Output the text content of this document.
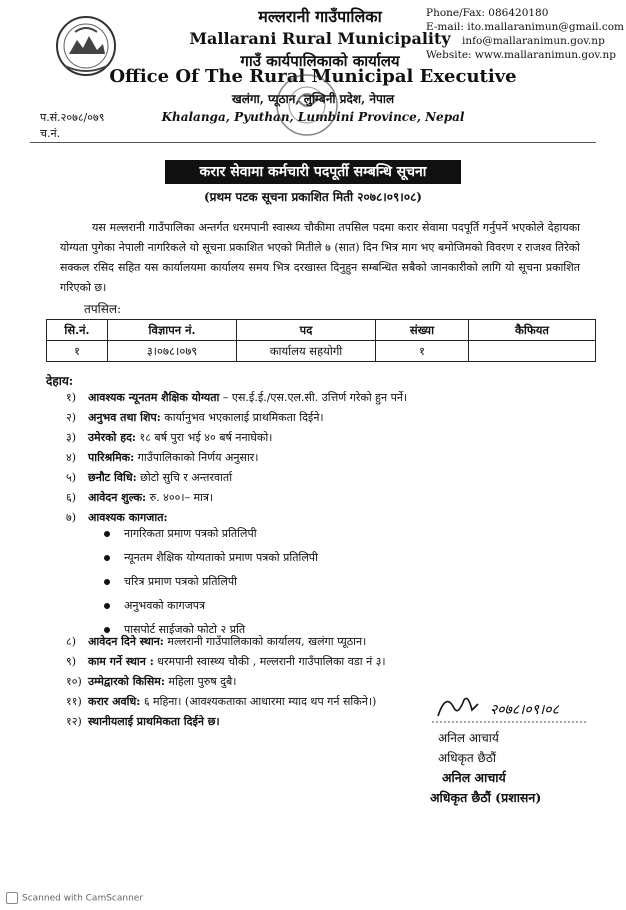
मल्लरानी गाउँपालिका
Mallarani Rural Municipality
गाउँ कार्यपालिकाको कार्यालय
Phone/Fax: 086420180
E-mail: ito.mallaranimun@gmail.com
info@mallaranimun.gov.np
Website: www.mallaranimun.gov.np
Office Of The Rural Municipal Executive
खलंगा, प्यूठान, लुम्बिनी प्रदेश, नेपाल
Khalanga, Pyuthan, Lumbini Province, Nepal
प.सं.२०७८/०७९
च.नं.
करार सेवामा कर्मचारी पदपूर्ती सम्बन्धि सूचना
(प्रथम पटक सूचना प्रकाशित मिती २०७८।०९।०८)
यस मल्लरानी गाउँपालिका अन्तर्गत धरमपानी स्वास्थ्य चौकीमा तपसिल पदमा करार सेवामा पदपूर्ति गर्नुपर्ने भएकोले देहायका योग्यता पुगेका नेपाली नागरिकले यो सूचना प्रकाशित भएको मितीले ७ (सात) दिन भित्र माग भए बमोजिमको विवरण र राजश्व तिरेको सक्कल रसिद सहित यस कार्यालयमा कार्यालय समय भित्र दरखास्त दिनुहुन सम्बन्धित सबैको जानकारीको लागि यो सूचना प्रकाशित गरिएको छ।
तपसिल:
सि.नं.	विज्ञापन नं.	पद	संख्या	कैफियत
१	३।०७८।०७९	कार्यालय सहयोगी	१	
देहाय:
१) आवश्यक न्यूनतम शैक्षिक योग्यता – एस.ई.ई./एस.एल.सी. उत्तिर्ण गरेको हुन पर्ने।
२) अनुभव तथा शिप: कार्यानुभव भएकालाई प्राथमिकता दिईने।
३) उमेरको हद: १८ बर्ष पुरा भई ४० बर्ष ननाघेको।
४) पारिश्रमिक: गाउँपालिकाको निर्णय अनुसार।
५) छनौट विधि: छोटो सुचि र अन्तरवार्ता
६) आवेदन शुल्क: रु. ४००।– मात्र।
७) आवश्यक कागजात:
नागरिकता प्रमाण पत्रको प्रतिलिपी
न्यूनतम शैक्षिक योग्यताको प्रमाण पत्रको प्रतिलिपी
चरित्र प्रमाण पत्रको प्रतिलिपी
अनुभवको कागजपत्र
पासपोर्ट साईजको फोटो २ प्रति
८) आवेदन दिने स्थान: मल्लरानी गाउँपालिकाको कार्यालय, खलंगा प्यूठान।
९) काम गर्ने स्थान : धरमपानी स्वास्थ्य चौकी , मल्लरानी गाउँपालिका वडा नं ३।
१०) उम्मेद्वारको किसिम: महिला पुरुष दुबै।
११) करार अवधि: ६ महिना। (आवश्यकताका आधारमा म्याद थप गर्न सकिने।)
१२) स्थानीयलाई प्राथमिकता दिईने छ।
२०७८।०९।०८
अनिल आचार्य
अधिकृत छैठौं
अनिल आचार्य
अधिकृत छैठौं (प्रशासन)
Scanned with CamScanner
